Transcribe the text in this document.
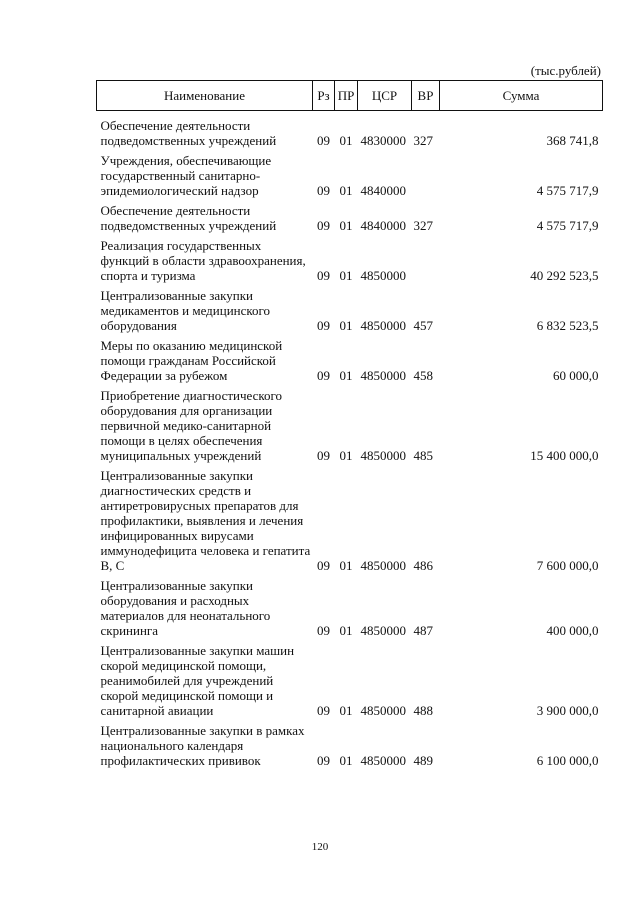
(тыс.рублей)
Наименование	Рз	ПР	ЦСР	ВР	Сумма
Обеспечение деятельности подведомственных учреждений	09	01	4830000	327	368 741,8
Учреждения, обеспечивающие государственный санитарно-эпидемиологический надзор	09	01	4840000		4 575 717,9
Обеспечение деятельности подведомственных учреждений	09	01	4840000	327	4 575 717,9
Реализация государственных функций в области здравоохранения, спорта и туризма	09	01	4850000		40 292 523,5
Централизованные закупки медикаментов и медицинского оборудования	09	01	4850000	457	6 832 523,5
Меры по оказанию медицинской помощи гражданам Российской Федерации за рубежом	09	01	4850000	458	60 000,0
Приобретение диагностического оборудования для организации первичной медико-санитарной помощи в целях обеспечения муниципальных учреждений	09	01	4850000	485	15 400 000,0
Централизованные закупки диагностических средств и антиретровирусных препаратов для профилактики, выявления и лечения инфицированных вирусами иммунодефицита человека и гепатита В, С	09	01	4850000	486	7 600 000,0
Централизованные закупки оборудования и расходных материалов для неонатального скрининга	09	01	4850000	487	400 000,0
Централизованные закупки машин скорой медицинской помощи, реанимобилей для учреждений скорой медицинской помощи и санитарной авиации	09	01	4850000	488	3 900 000,0
Централизованные закупки в рамках национального календаря профилактических прививок	09	01	4850000	489	6 100 000,0
120
